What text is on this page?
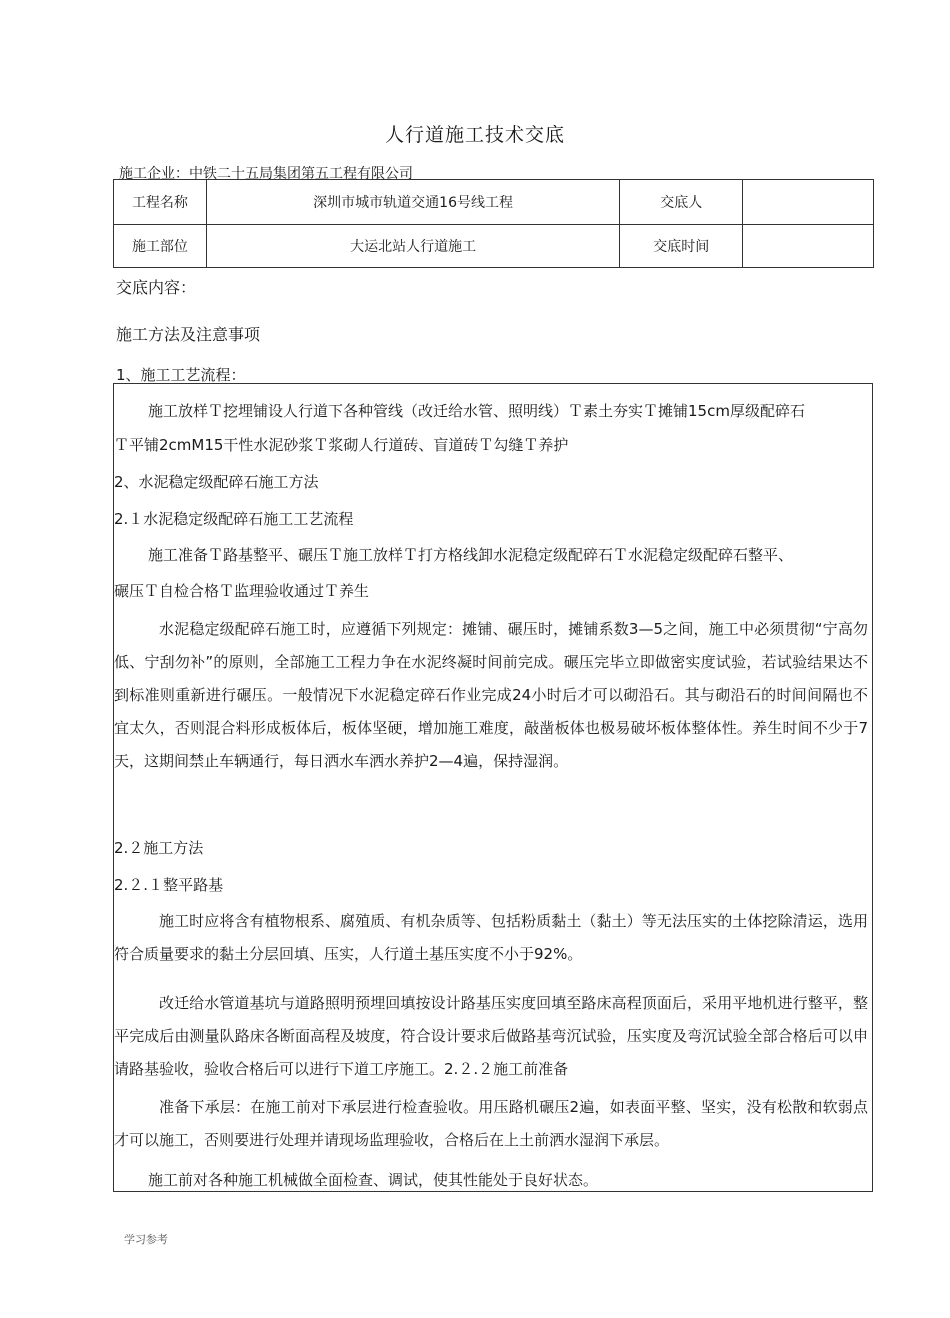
人行道施工技术交底
施工企业：中铁二十五局集团第五工程有限公司
工程名称	深圳市城市轨道交通16号线工程	交底人	
施工部位	大运北站人行道施工	交底时间	
交底内容：
施工方法及注意事项
1、施工工艺流程：
施工放样Ｔ挖埋铺设人行道下各种管线（改迁给水管、照明线）Ｔ素土夯实Ｔ摊铺15cm厚级配碎石
Ｔ平铺2cmM15干性水泥砂浆Ｔ浆砌人行道砖、盲道砖Ｔ勾缝Ｔ养护
2、水泥稳定级配碎石施工方法
2.１水泥稳定级配碎石施工工艺流程
施工准备Ｔ路基整平、碾压Ｔ施工放样Ｔ打方格线卸水泥稳定级配碎石Ｔ水泥稳定级配碎石整平、
碾压Ｔ自检合格Ｔ监理验收通过Ｔ养生
水泥稳定级配碎石施工时，应遵循下列规定：摊铺、碾压时，摊铺系数3—5之间，施工中必须贯彻“宁高勿低、宁刮勿补”的原则，全部施工工程力争在水泥终凝时间前完成。碾压完毕立即做密实度试验，若试验结果达不到标准则重新进行碾压。一般情况下水泥稳定碎石作业完成24小时后才可以砌沿石。其与砌沿石的时间间隔也不宜太久，否则混合料形成板体后，板体坚硬，增加施工难度，敲凿板体也极易破坏板体整体性。养生时间不少于7天，这期间禁止车辆通行，每日洒水车洒水养护2—4遍，保持湿润。
2.２施工方法
2.２.１整平路基
施工时应将含有植物根系、腐殖质、有机杂质等、包括粉质黏土（黏土）等无法压实的土体挖除清运，选用符合质量要求的黏土分层回填、压实，人行道土基压实度不小于92%。
改迁给水管道基坑与道路照明预埋回填按设计路基压实度回填至路床高程顶面后，采用平地机进行整平，整平完成后由测量队路床各断面高程及坡度，符合设计要求后做路基弯沉试验，压实度及弯沉试验全部合格后可以申请路基验收，验收合格后可以进行下道工序施工。2.２.２施工前准备
准备下承层：在施工前对下承层进行检查验收。用压路机碾压2遍，如表面平整、坚实，没有松散和软弱点才可以施工，否则要进行处理并请现场监理验收，合格后在上土前洒水湿润下承层。
施工前对各种施工机械做全面检查、调试，使其性能处于良好状态。
学习参考
